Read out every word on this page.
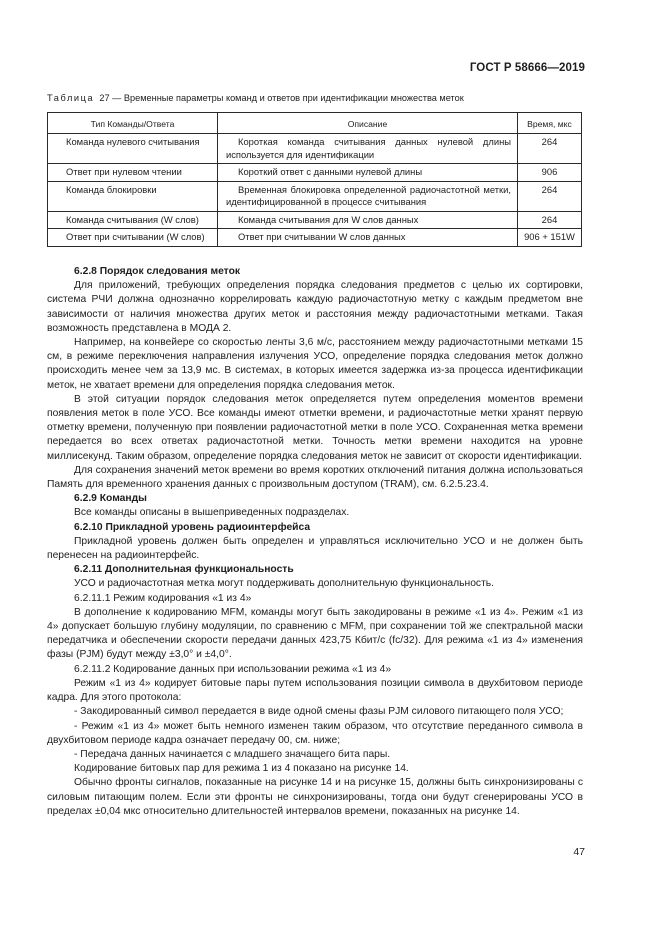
ГОСТ Р 58666—2019
Таблица 27 — Временные параметры команд и ответов при идентификации множества меток
Тип Команды/Ответа	Описание	Время, мкс
Команда нулевого считывания	Короткая команда считывания данных нулевой длины используется для идентификации	264
Ответ при нулевом чтении	Короткий ответ с данными нулевой длины	906
Команда блокировки	Временная блокировка определенной радиочастотной метки, идентифицированной в процессе считывания	264
Команда считывания (W слов)	Команда считывания для W слов данных	264
Ответ при считывании (W слов)	Ответ при считывании W слов данных	906 + 151W

6.2.8 Порядок следования меток

Для приложений, требующих определения порядка следования предметов с целью их сортировки, система РЧИ должна однозначно коррелировать каждую радиочастотную метку с каждым предметом вне зависимости от наличия множества других меток и расстояния между радиочастотными метками. Такая возможность представлена в МОДА 2.

Например, на конвейере со скоростью ленты 3,6 м/с, расстоянием между радиочастотными метками 15 см, в режиме переключения направления излучения УСО, определение порядка следования меток должно происходить менее чем за 13,9 мс. В системах, в которых имеется задержка из-за процесса идентификации меток, не хватает времени для определения порядка следования меток.

В этой ситуации порядок следования меток определяется путем определения моментов времени появления меток в поле УСО. Все команды имеют отметки времени, и радиочастотные метки хранят первую отметку времени, полученную при появлении радиочастотной метки в поле УСО. Сохраненная метка времени передается во всех ответах радиочастотной метки. Точность метки времени находится на уровне миллисекунд. Таким образом, определение порядка следования меток не зависит от скорости идентификации.

Для сохранения значений меток времени во время коротких отключений питания должна использоваться Память для временного хранения данных с произвольным доступом (TRAM), см. 6.2.5.23.4.

6.2.9 Команды

Все команды описаны в вышеприведенных подразделах.

6.2.10 Прикладной уровень радиоинтерфейса

Прикладной уровень должен быть определен и управляться исключительно УСО и не должен быть перенесен на радиоинтерфейс.

6.2.11 Дополнительная функциональность

УСО и радиочастотная метка могут поддерживать дополнительную функциональность.

6.2.11.1 Режим кодирования «1 из 4»

В дополнение к кодированию MFM, команды могут быть закодированы в режиме «1 из 4». Режим «1 из 4» допускает большую глубину модуляции, по сравнению с MFM, при сохранении той же спектральной маски передатчика и обеспечении скорости передачи данных 423,75 Кбит/с (fc/32). Для режима «1 из 4» изменения фазы (PJM) будут между ±3,0° и ±4,0°.

6.2.11.2 Кодирование данных при использовании режима «1 из 4»

Режим «1 из 4» кодирует битовые пары путем использования позиции символа в двухбитовом периоде кадра. Для этого протокола:

- Закодированный символ передается в виде одной смены фазы PJM силового питающего поля УСО;

- Режим «1 из 4» может быть немного изменен таким образом, что отсутствие переданного символа в двухбитовом периоде кадра означает передачу 00, см. ниже;

- Передача данных начинается с младшего значащего бита пары.

Кодирование битовых пар для режима 1 из 4 показано на рисунке 14.

Обычно фронты сигналов, показанные на рисунке 14 и на рисунке 15, должны быть синхронизированы с силовым питающим полем. Если эти фронты не синхронизированы, тогда они будут сгенерированы УСО в пределах ±0,04 мкс относительно длительностей интервалов времени, показанных на рисунке 14.

47
